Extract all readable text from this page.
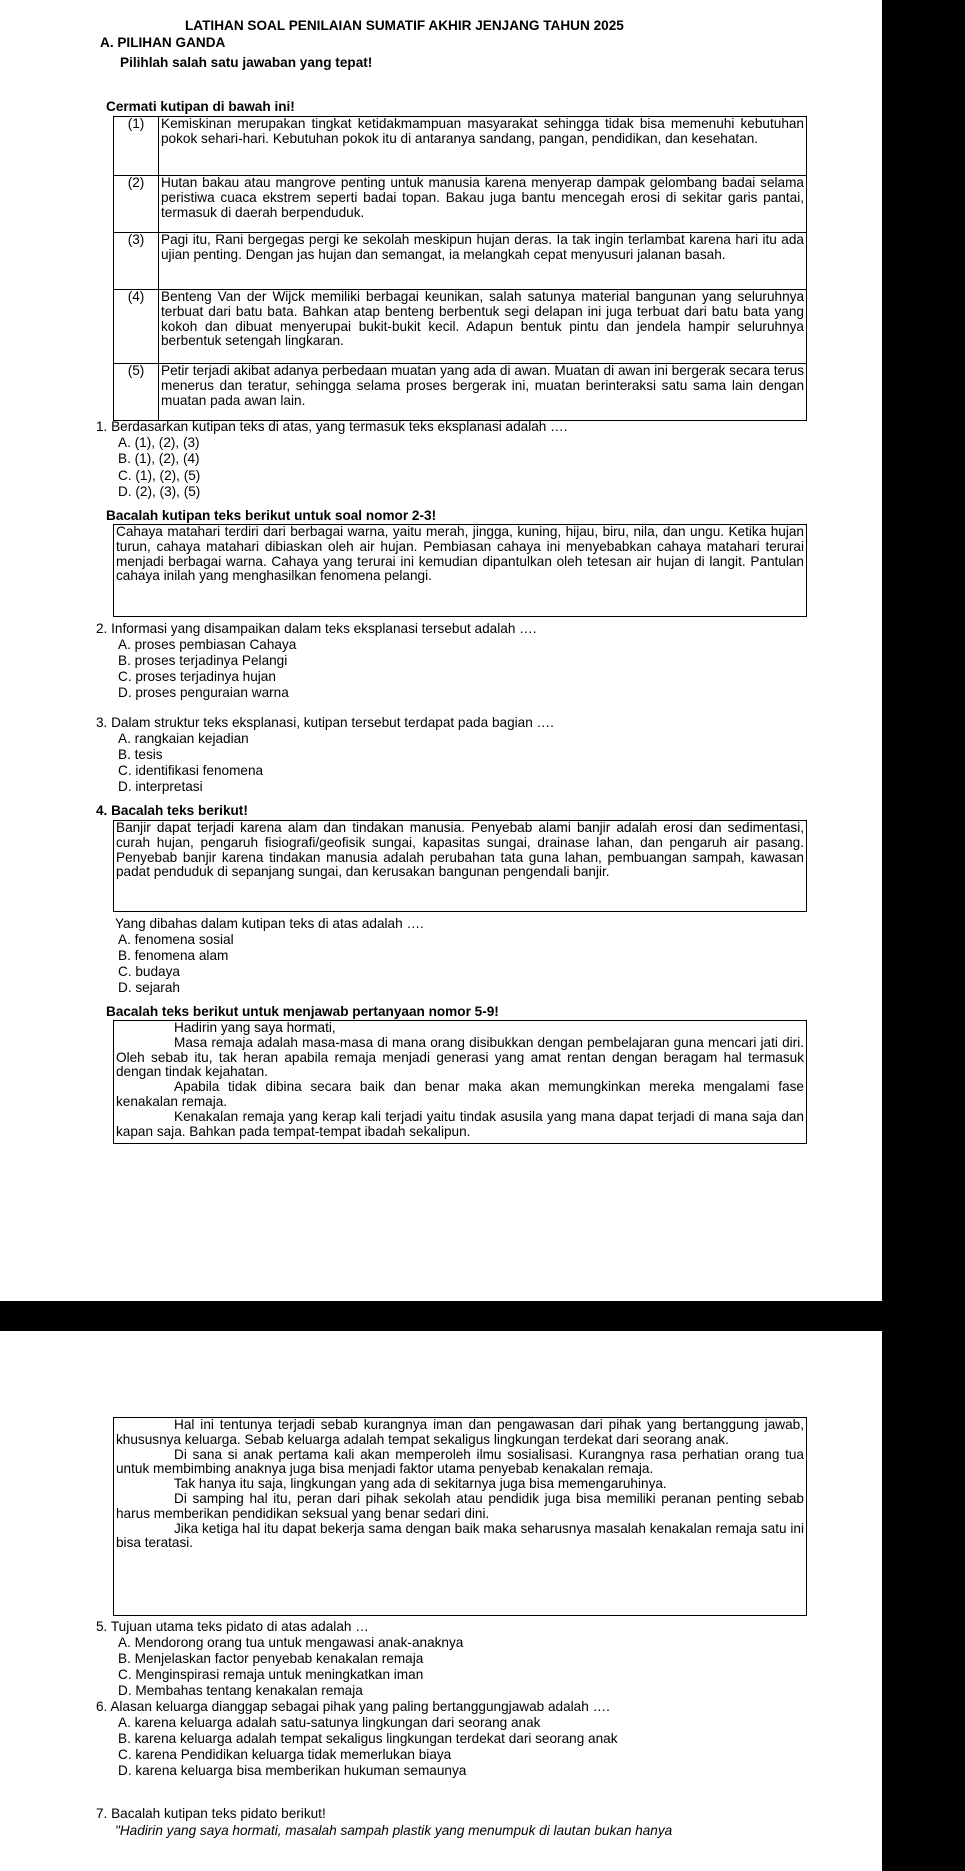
LATIHAN SOAL PENILAIAN SUMATIF AKHIR JENJANG TAHUN 2025
A. PILIHAN GANDA
Pilihlah salah satu jawaban yang tepat!
Cermati kutipan di bawah ini!
(1)	Kemiskinan merupakan tingkat ketidakmampuan masyarakat sehingga tidak bisa memenuhi kebutuhan pokok sehari-hari. Kebutuhan pokok itu di antaranya sandang, pangan, pendidikan, dan kesehatan.
(2)	Hutan bakau atau mangrove penting untuk manusia karena menyerap dampak gelombang badai selama peristiwa cuaca ekstrem seperti badai topan. Bakau juga bantu mencegah erosi di sekitar garis pantai, termasuk di daerah berpenduduk.
(3)	Pagi itu, Rani bergegas pergi ke sekolah meskipun hujan deras. Ia tak ingin terlambat karena hari itu ada ujian penting. Dengan jas hujan dan semangat, ia melangkah cepat menyusuri jalanan basah.
(4)	Benteng Van der Wijck memiliki berbagai keunikan, salah satunya material bangunan yang seluruhnya terbuat dari batu bata. Bahkan atap benteng berbentuk segi delapan ini juga terbuat dari batu bata yang kokoh dan dibuat menyerupai bukit-bukit kecil. Adapun bentuk pintu dan jendela hampir seluruhnya berbentuk setengah lingkaran.
(5)	Petir terjadi akibat adanya perbedaan muatan yang ada di awan. Muatan di awan ini bergerak secara terus menerus dan teratur, sehingga selama proses bergerak ini, muatan berinteraksi satu sama lain dengan muatan pada awan lain.
1. Berdasarkan kutipan teks di atas, yang termasuk teks eksplanasi adalah ….
A. (1), (2), (3)
B. (1), (2), (4)
C. (1), (2), (5)
D. (2), (3), (5)
Bacalah kutipan teks berikut untuk soal nomor 2-3!

Cahaya matahari terdiri dari berbagai warna, yaitu merah, jingga, kuning, hijau, biru, nila, dan ungu. Ketika hujan turun, cahaya matahari dibiaskan oleh air hujan. Pembiasan cahaya ini menyebabkan cahaya matahari terurai menjadi berbagai warna. Cahaya yang terurai ini kemudian dipantulkan oleh tetesan air hujan di langit. Pantulan cahaya inilah yang menghasilkan fenomena pelangi.

2. Informasi yang disampaikan dalam teks eksplanasi tersebut adalah ….
A. proses pembiasan Cahaya
B. proses terjadinya Pelangi
C. proses terjadinya hujan
D. proses penguraian warna
3. Dalam struktur teks eksplanasi, kutipan tersebut terdapat pada bagian ….
A. rangkaian kejadian
B. tesis
C. identifikasi fenomena
D. interpretasi
4. Bacalah teks berikut!

Banjir dapat terjadi karena alam dan tindakan manusia. Penyebab alami banjir adalah erosi dan sedimentasi, curah hujan, pengaruh fisiografi/geofisik sungai, kapasitas sungai, drainase lahan, dan pengaruh air pasang. Penyebab banjir karena tindakan manusia adalah perubahan tata guna lahan, pembuangan sampah, kawasan padat penduduk di sepanjang sungai, dan kerusakan bangunan pengendali banjir.

Yang dibahas dalam kutipan teks di atas adalah ….
A. fenomena sosial
B. fenomena alam
C. budaya
D. sejarah
Bacalah teks berikut untuk menjawab pertanyaan nomor 5-9!

Hadirin yang saya hormati,

Masa remaja adalah masa-masa di mana orang disibukkan dengan pembelajaran guna mencari jati diri. Oleh sebab itu, tak heran apabila remaja menjadi generasi yang amat rentan dengan beragam hal termasuk dengan tindak kejahatan.

Apabila tidak dibina secara baik dan benar maka akan memungkinkan mereka mengalami fase kenakalan remaja.

Kenakalan remaja yang kerap kali terjadi yaitu tindak asusila yang mana dapat terjadi di mana saja dan kapan saja. Bahkan pada tempat-tempat ibadah sekalipun.

Hal ini tentunya terjadi sebab kurangnya iman dan pengawasan dari pihak yang bertanggung jawab, khususnya keluarga. Sebab keluarga adalah tempat sekaligus lingkungan terdekat dari seorang anak.

Di sana si anak pertama kali akan memperoleh ilmu sosialisasi. Kurangnya rasa perhatian orang tua untuk membimbing anaknya juga bisa menjadi faktor utama penyebab kenakalan remaja.

Tak hanya itu saja, lingkungan yang ada di sekitarnya juga bisa memengaruhinya.

Di samping hal itu, peran dari pihak sekolah atau pendidik juga bisa memiliki peranan penting sebab harus memberikan pendidikan seksual yang benar sedari dini.

Jika ketiga hal itu dapat bekerja sama dengan baik maka seharusnya masalah kenakalan remaja satu ini bisa teratasi.

5. Tujuan utama teks pidato di atas adalah …
A. Mendorong orang tua untuk mengawasi anak-anaknya
B. Menjelaskan factor penyebab kenakalan remaja
C. Menginspirasi remaja untuk meningkatkan iman
D. Membahas tentang kenakalan remaja
6. Alasan keluarga dianggap sebagai pihak yang paling bertanggungjawab adalah ….
A. karena keluarga adalah satu-satunya lingkungan dari seorang anak
B. karena keluarga adalah tempat sekaligus lingkungan terdekat dari seorang anak
C. karena Pendidikan keluarga tidak memerlukan biaya
D. karena keluarga bisa memberikan hukuman semaunya
7. Bacalah kutipan teks pidato berikut!
"Hadirin yang saya hormati, masalah sampah plastik yang menumpuk di lautan bukan hanya
